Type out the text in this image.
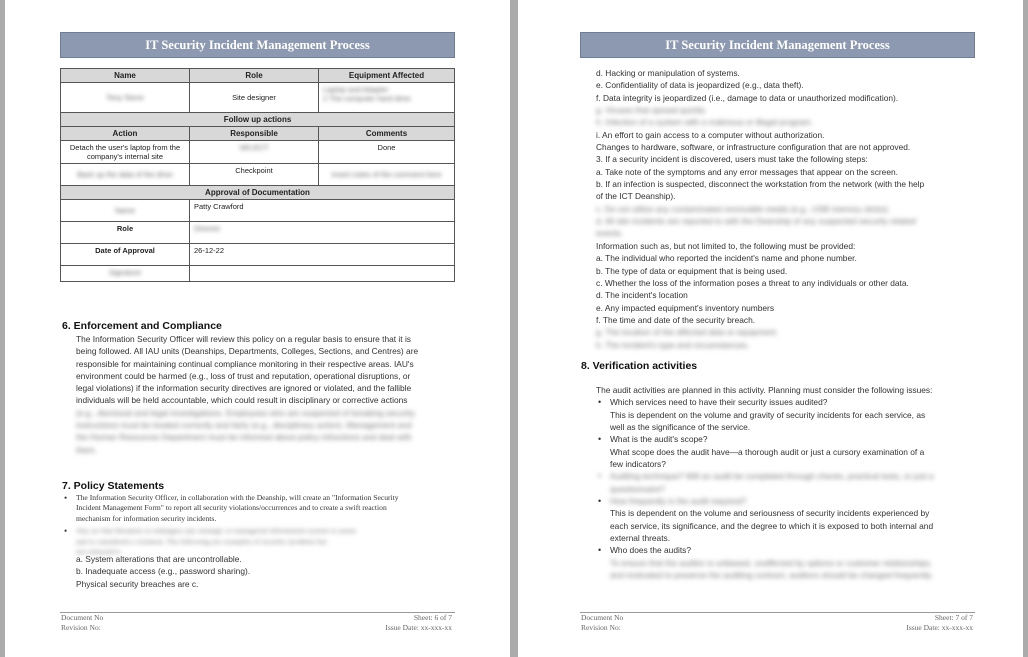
IT Security Incident Management Process
Name	Role	Equipment Affected
Tony Stone	Site designer	Laptop and Adapter
2 The computer hard drive

Follow up actions		
Action	Responsible	Comments
Detach the user's laptop from the company's internal site	SELECT	Done
Back up the data of the drive	Checkpoint	Insert notes of the comment here
Approval of Documentation		
Name	Patty Crawford	
Role	Director	
Date of Approval	26-12-22	
Signature		
6. Enforcement and Compliance
The Information Security Officer will review this policy on a regular basis to ensure that it is
being followed. All IAU units (Deanships, Departments, Colleges, Sections, and Centres) are
responsible for maintaining continual compliance monitoring in their respective areas. IAU's
environment could be harmed (e.g., loss of trust and reputation, operational disruptions, or
legal violations) if the information security directives are ignored or violated, and the fallible
individuals will be held accountable, which could result in disciplinary or corrective actions
(e.g., dismissal and legal investigations. Employees who are suspected of breaking security
instructions must be treated correctly and fairly (e.g., disciplinary action). Management and
the Human Resources Department must be informed about policy infractions and deal with
them.
7. Policy Statements
• The Information Security Officer, in collaboration with the Deanship, will create an "Information Security
Incident Management Form" to report all security violations/occurrences and to create a swift reaction
mechanism for information security incidents.
• Any act that threatens or endangers any strategic or managerial information system or assets
and is considered a violation. The following are examples of security incidents but
not exhaustive.
a. System alterations that are uncontrollable.
b. Inadequate access (e.g., password sharing).
Physical security breaches are c.
Document No
Revision No:
Sheet: 6 of 7
Issue Date: xx-xxx-xx
IT Security Incident Management Process
d. Hacking or manipulation of systems.
e. Confidentiality of data is jeopardized (e.g., data theft).
f. Data integrity is jeopardized (i.e., damage to data or unauthorized modification).
g. Viruses that spread quickly
h. Infection of a system with a malicious or illegal program.
i. An effort to gain access to a computer without authorization.
Changes to hardware, software, or infrastructure configuration that are not approved.
3. If a security incident is discovered, users must take the following steps:
a. Take note of the symptoms and any error messages that appear on the screen.
b. If an infection is suspected, disconnect the workstation from the network (with the help
of the ICT Deanship).
c. Do not utilize any contaminated removable media (e.g., USB memory sticks).
d. All site incidents are reported to with the Deanship of any suspected security related
events.
Information such as, but not limited to, the following must be provided:
a. The individual who reported the incident's name and phone number.
b. The type of data or equipment that is being used.
c. Whether the loss of the information poses a threat to any individuals or other data.
d. The incident's location
e. Any impacted equipment's inventory numbers
f. The time and date of the security breach.
g. The location of the affected data or equipment.
h. The incident's type and circumstances.
8. Verification activities
The audit activities are planned in this activity. Planning must consider the following issues:
• Which services need to have their security issues audited?
This is dependent on the volume and gravity of security incidents for each service, as
well as the significance of the service.
• What is the audit's scope?
What scope does the audit have—a thorough audit or just a cursory examination of a
few indicators?
• Auditing technique? Will an audit be completed through checks, practical tests, or just a
questionnaire?
• How frequently is the audit required?
This is dependent on the volume and seriousness of security incidents experienced by
each service, its significance, and the degree to which it is exposed to both internal and
external threats.
• Who does the audits?
To ensure that the auditor is unbiased, unaffected by options or customer relationships,
and motivated to preserve the auditing contract, auditors should be changed frequently.
Document No
Revision No:
Sheet: 7 of 7
Issue Date: xx-xxx-xx
